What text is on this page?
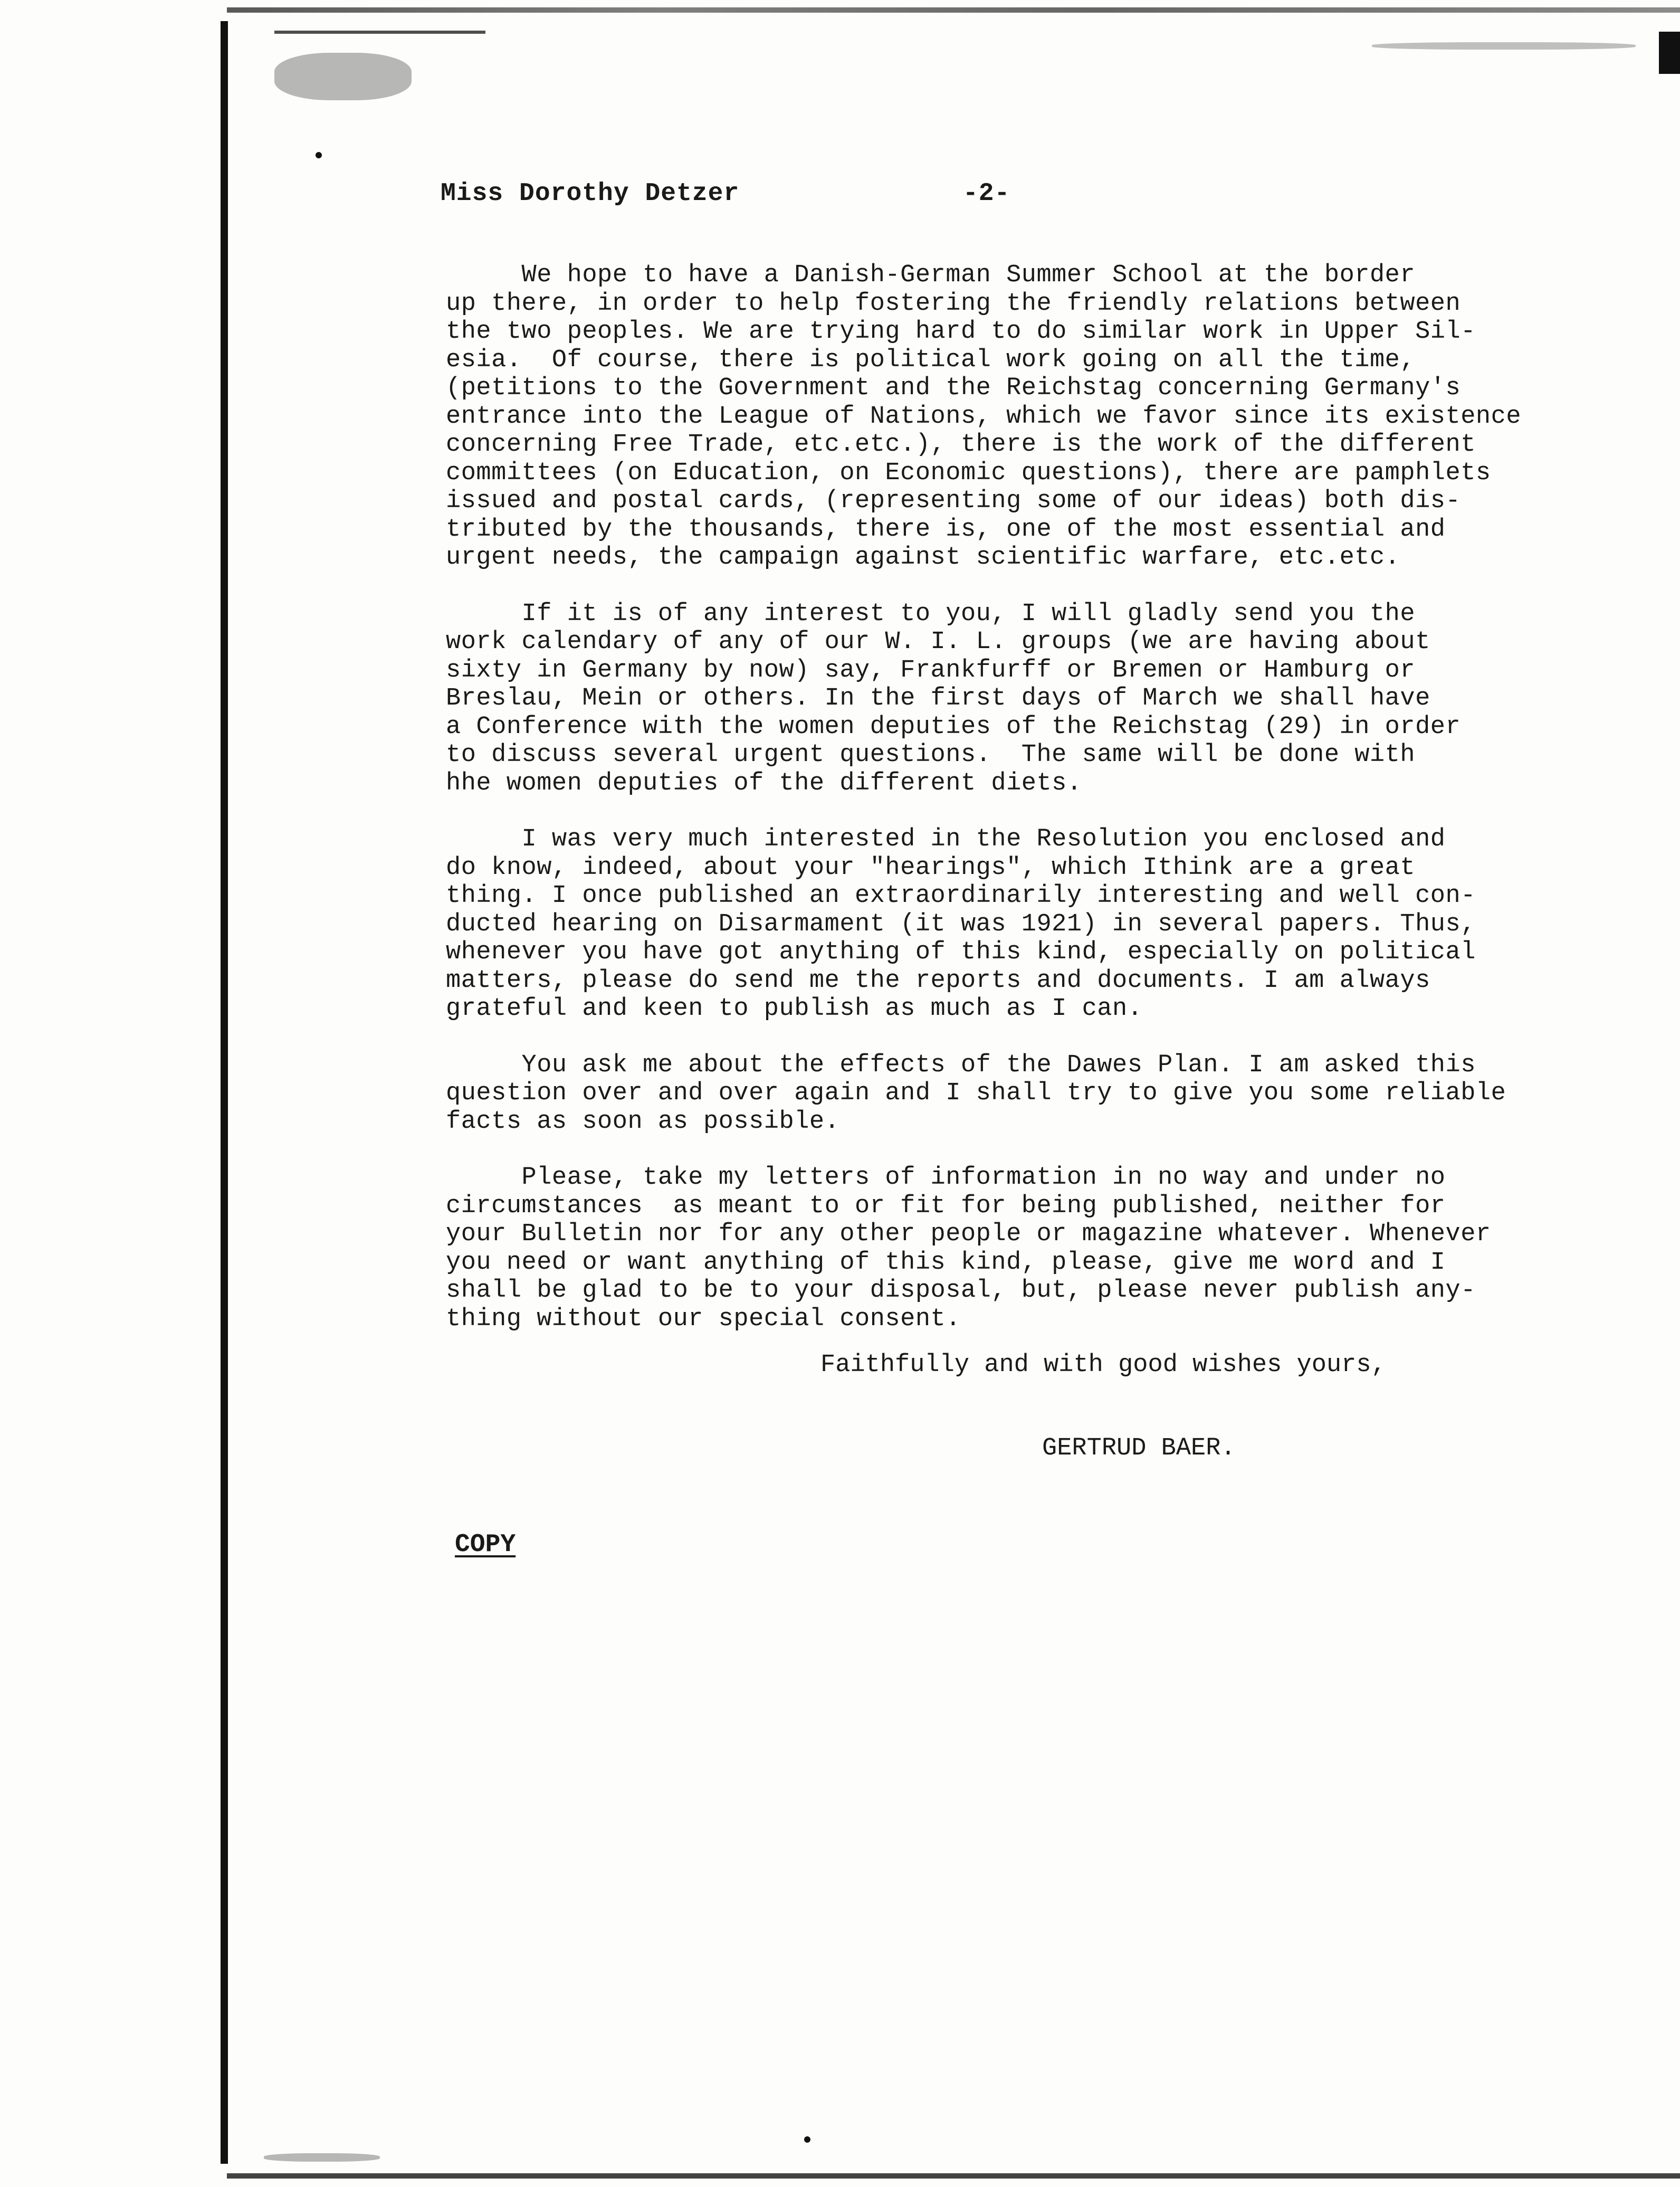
Miss Dorothy Detzer	-2-
We hope to have a Danish-German Summer School at the border
up there, in order to help fostering the friendly relations between
the two peoples. We are trying hard to do similar work in Upper Sil-
esia.  Of course, there is political work going on all the time,
(petitions to the Government and the Reichstag concerning Germany's
entrance into the League of Nations, which we favor since its existence
concerning Free Trade, etc.etc.), there is the work of the different
committees (on Education, on Economic questions), there are pamphlets
issued and postal cards, (representing some of our ideas) both dis-
tributed by the thousands, there is, one of the most essential and
urgent needs, the campaign against scientific warfare, etc.etc.
If it is of any interest to you, I will gladly send you the
work calendary of any of our W. I. L. groups (we are having about
sixty in Germany by now) say, Frankfurff or Bremen or Hamburg or
Breslau, Mein or others. In the first days of March we shall have
a Conference with the women deputies of the Reichstag (29) in order
to discuss several urgent questions.  The same will be done with
hhe women deputies of the different diets.
I was very much interested in the Resolution you enclosed and
do know, indeed, about your "hearings", which Ithink are a great
thing. I once published an extraordinarily interesting and well con-
ducted hearing on Disarmament (it was 1921) in several papers. Thus,
whenever you have got anything of this kind, especially on political
matters, please do send me the reports and documents. I am always
grateful and keen to publish as much as I can.
You ask me about the effects of the Dawes Plan. I am asked this
question over and over again and I shall try to give you some reliable
facts as soon as possible.
Please, take my letters of information in no way and under no
circumstances  as meant to or fit for being published, neither for
your Bulletin nor for any other people or magazine whatever. Whenever
you need or want anything of this kind, please, give me word and I
shall be glad to be to your disposal, but, please never publish any-
thing without our special consent.
Faithfully and with good wishes yours,
GERTRUD BAER.
COPY
